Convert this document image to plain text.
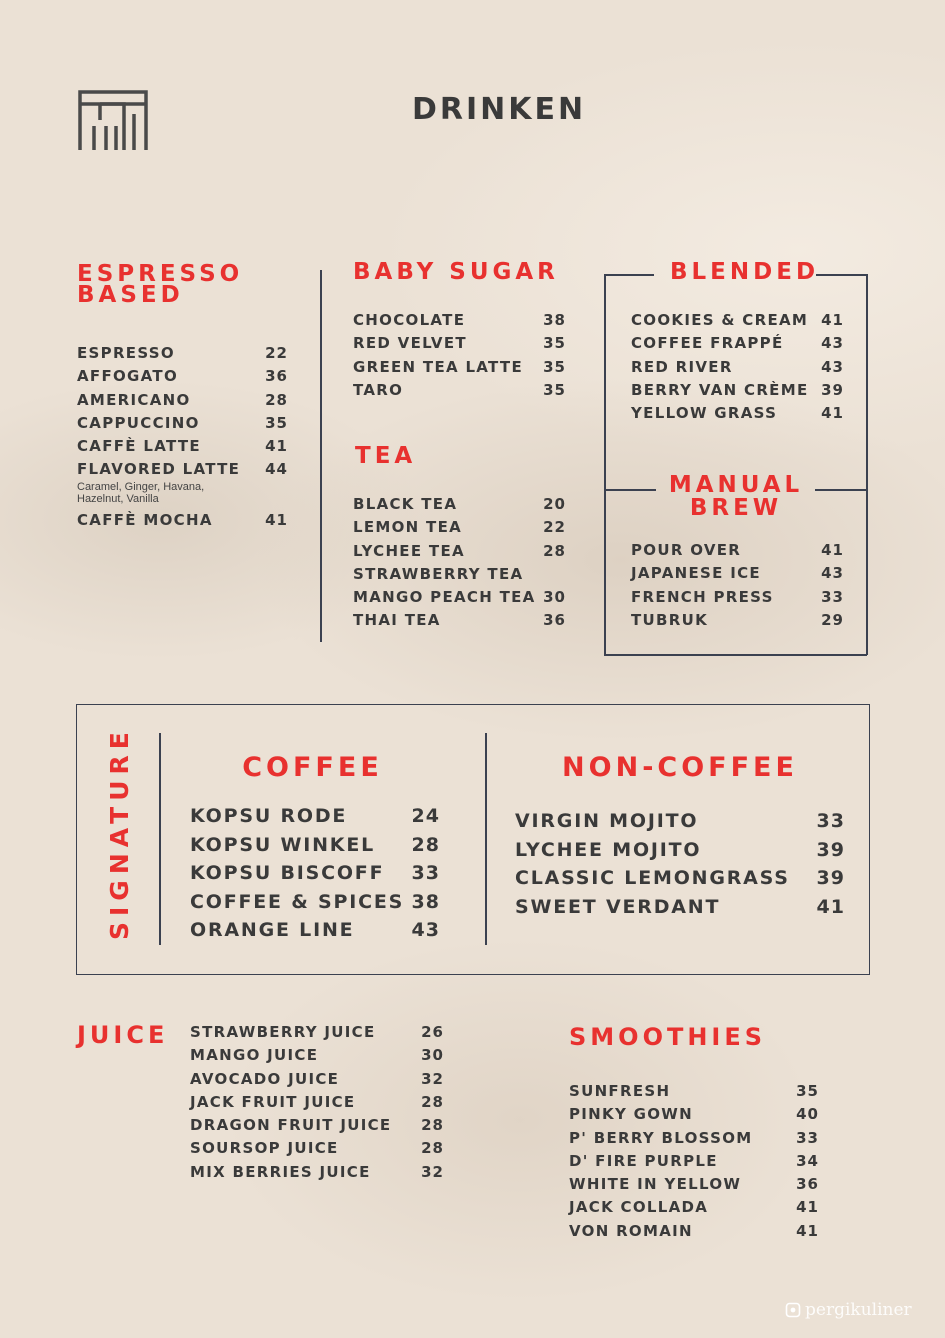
DRINKEN
ESPRESSO
BASED
ESPRESSO	22
AFFOGATO	36
AMERICANO	28
CAPPUCCINO	35
CAFFÈ LATTE	41
FLAVORED LATTE 44
Caramel, Ginger, Havana,
Hazelnut, Vanilla
CAFFÈ MOCHA	41
BABY SUGAR
CHOCOLATE	38
RED VELVET	35
GREEN TEA LATTE 35
TARO	35
TEA
BLACK TEA	20
LEMON TEA	22
LYCHEE TEA	28
STRAWBERRY TEA
MANGO PEACH TEA 30
THAI TEA	36
BLENDED
COOKIES & CREAM 41
COFFEE FRAPPÉ	43
RED RIVER	43
BERRY VAN CRÈME 39
YELLOW GRASS	41
MANUAL
BREW
POUR OVER	41
JAPANESE ICE	43
FRENCH PRESS	33
TUBRUK	29
SIGNATURE	COFFEE
KOPSU RODE	24
KOPSU WINKEL 28
KOPSU BISCOFF 33
COFFEE & SPICES 38
ORANGE LINE	43
NON-COFFEE
VIRGIN MOJITO	33
LYCHEE MOJITO	39
CLASSIC LEMONGRASS 39
SWEET VERDANT	41
JUICE STRAWBERRY JUICE	26
MANGO JUICE	30
AVOCADO JUICE	32
JACK FRUIT JUICE	28
DRAGON FRUIT JUICE 28
SOURSOP JUICE	28
MIX BERRIES JUICE	32
SMOOTHIES
SUNFRESH	35
PINKY GOWN	40
P' BERRY BLOSSOM	33
D' FIRE PURPLE	34
WHITE IN YELLOW	36
JACK COLLADA	41
VON ROMAIN	41
pergikuliner
